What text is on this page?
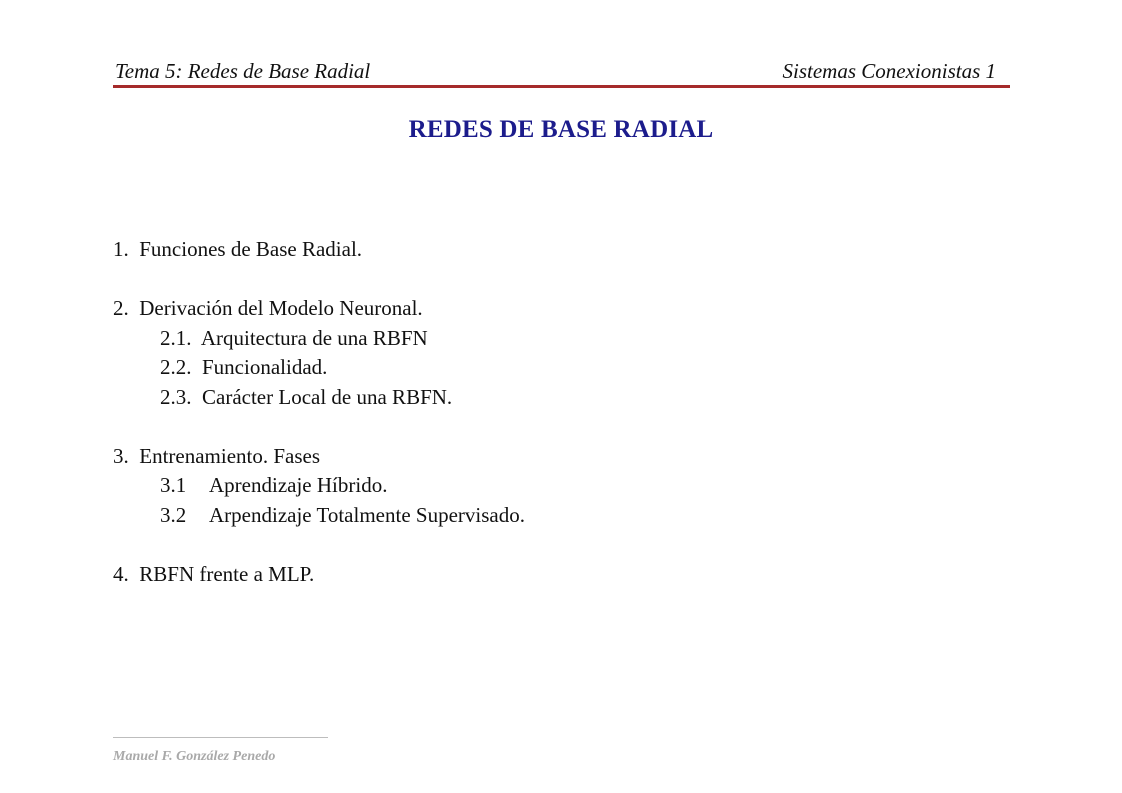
Tema 5: Redes de Base Radial	Sistemas Conexionistas 1
REDES DE BASE RADIAL
1.  Funciones de Base Radial.
2.  Derivación del Modelo Neuronal.
2.1.  Arquitectura de una RBFN
2.2.  Funcionalidad.
2.3.  Carácter Local de una RBFN.
3.  Entrenamiento. Fases
3.1 Aprendizaje Híbrido.
3.2 Arpendizaje Totalmente Supervisado.
4.  RBFN frente a MLP.
Manuel F. González Penedo
